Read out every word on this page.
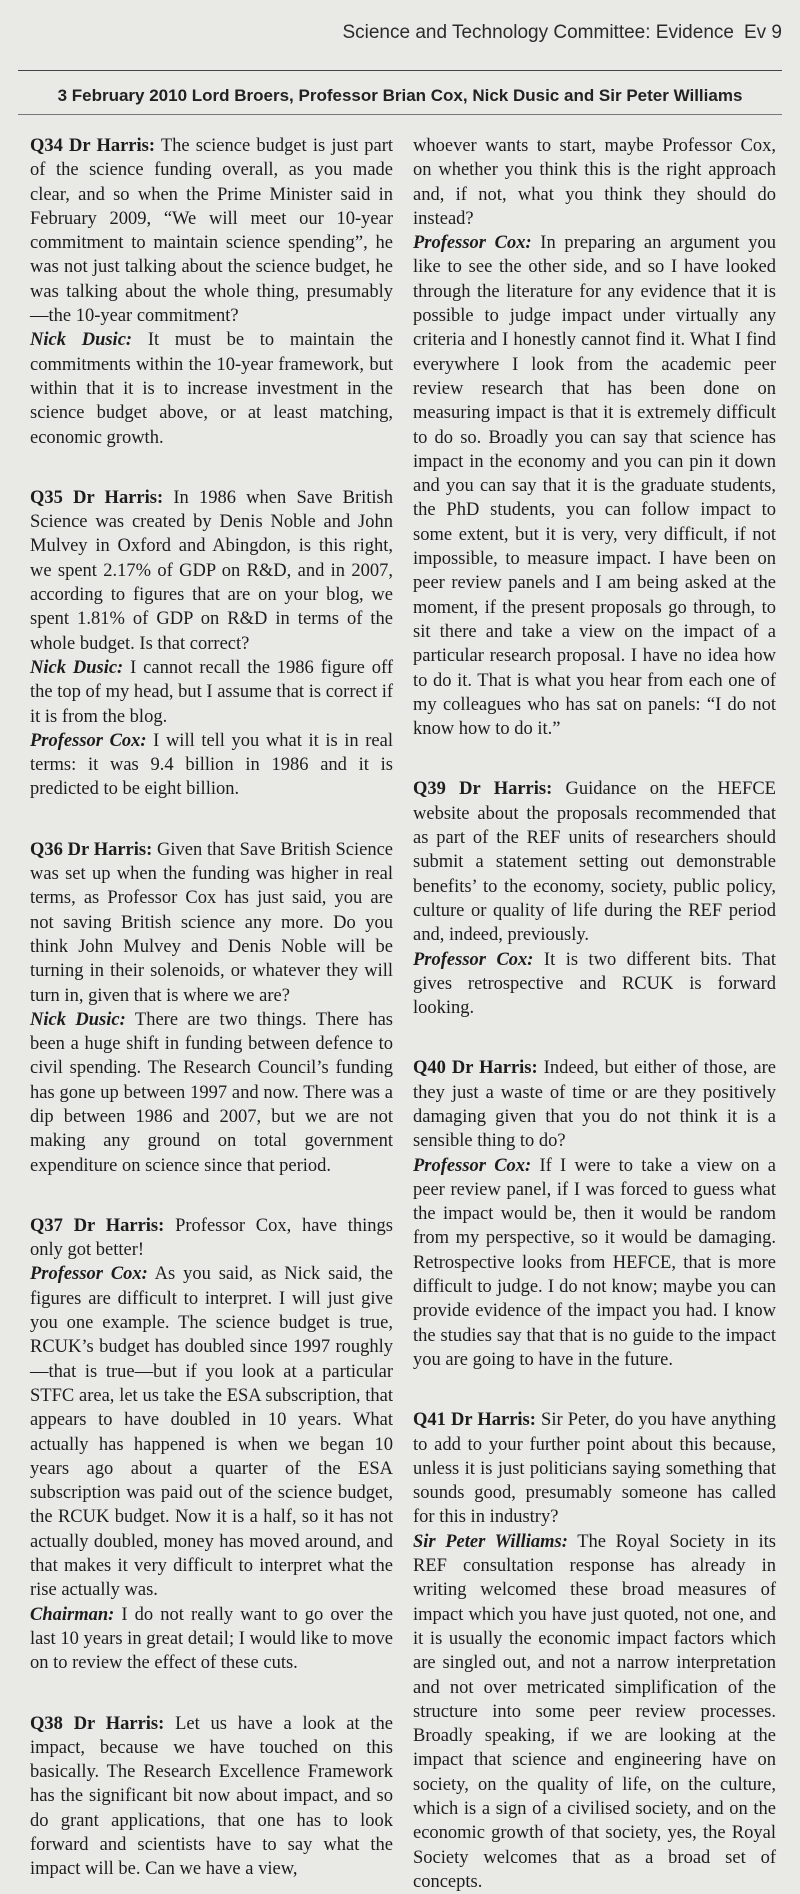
Science and Technology Committee: Evidence Ev 9
3 February 2010 Lord Broers, Professor Brian Cox, Nick Dusic and Sir Peter Williams

Q34 Dr Harris: The science budget is just part of the science funding overall, as you made clear, and so when the Prime Minister said in February 2009, “We will meet our 10-year commitment to maintain science spending”, he was not just talking about the science budget, he was talking about the whole thing, presumably—the 10-year commitment?

Nick Dusic: It must be to maintain the commitments within the 10-year framework, but within that it is to increase investment in the science budget above, or at least matching, economic growth.

Q35 Dr Harris: In 1986 when Save British Science was created by Denis Noble and John Mulvey in Oxford and Abingdon, is this right, we spent 2.17% of GDP on R&D, and in 2007, according to figures that are on your blog, we spent 1.81% of GDP on R&D in terms of the whole budget. Is that correct?

Nick Dusic: I cannot recall the 1986 figure off the top of my head, but I assume that is correct if it is from the blog.

Professor Cox: I will tell you what it is in real terms: it was 9.4 billion in 1986 and it is predicted to be eight billion.

Q36 Dr Harris: Given that Save British Science was set up when the funding was higher in real terms, as Professor Cox has just said, you are not saving British science any more. Do you think John Mulvey and Denis Noble will be turning in their solenoids, or whatever they will turn in, given that is where we are?

Nick Dusic: There are two things. There has been a huge shift in funding between defence to civil spending. The Research Council’s funding has gone up between 1997 and now. There was a dip between 1986 and 2007, but we are not making any ground on total government expenditure on science since that period.

Q37 Dr Harris: Professor Cox, have things only got better!

Professor Cox: As you said, as Nick said, the figures are difficult to interpret. I will just give you one example. The science budget is true, RCUK’s budget has doubled since 1997 roughly—that is true—but if you look at a particular STFC area, let us take the ESA subscription, that appears to have doubled in 10 years. What actually has happened is when we began 10 years ago about a quarter of the ESA subscription was paid out of the science budget, the RCUK budget. Now it is a half, so it has not actually doubled, money has moved around, and that makes it very difficult to interpret what the rise actually was.

Chairman: I do not really want to go over the last 10 years in great detail; I would like to move on to review the effect of these cuts.

Q38 Dr Harris: Let us have a look at the impact, because we have touched on this basically. The Research Excellence Framework has the significant bit now about impact, and so do grant applications, that one has to look forward and scientists have to say what the impact will be. Can we have a view,

whoever wants to start, maybe Professor Cox, on whether you think this is the right approach and, if not, what you think they should do instead?

Professor Cox: In preparing an argument you like to see the other side, and so I have looked through the literature for any evidence that it is possible to judge impact under virtually any criteria and I honestly cannot find it. What I find everywhere I look from the academic peer review research that has been done on measuring impact is that it is extremely difficult to do so. Broadly you can say that science has impact in the economy and you can pin it down and you can say that it is the graduate students, the PhD students, you can follow impact to some extent, but it is very, very difficult, if not impossible, to measure impact. I have been on peer review panels and I am being asked at the moment, if the present proposals go through, to sit there and take a view on the impact of a particular research proposal. I have no idea how to do it. That is what you hear from each one of my colleagues who has sat on panels: “I do not know how to do it.”

Q39 Dr Harris: Guidance on the HEFCE website about the proposals recommended that as part of the REF units of researchers should submit a statement setting out demonstrable benefits’ to the economy, society, public policy, culture or quality of life during the REF period and, indeed, previously.

Professor Cox: It is two different bits. That gives retrospective and RCUK is forward looking.

Q40 Dr Harris: Indeed, but either of those, are they just a waste of time or are they positively damaging given that you do not think it is a sensible thing to do?

Professor Cox: If I were to take a view on a peer review panel, if I was forced to guess what the impact would be, then it would be random from my perspective, so it would be damaging. Retrospective looks from HEFCE, that is more difficult to judge. I do not know; maybe you can provide evidence of the impact you had. I know the studies say that that is no guide to the impact you are going to have in the future.

Q41 Dr Harris: Sir Peter, do you have anything to add to your further point about this because, unless it is just politicians saying something that sounds good, presumably someone has called for this in industry?

Sir Peter Williams: The Royal Society in its REF consultation response has already in writing welcomed these broad measures of impact which you have just quoted, not one, and it is usually the economic impact factors which are singled out, and not a narrow interpretation and not over metricated simplification of the structure into some peer review processes. Broadly speaking, if we are looking at the impact that science and engineering have on society, on the quality of life, on the culture, which is a sign of a civilised society, and on the economic growth of that society, yes, the Royal Society welcomes that as a broad set of concepts.
